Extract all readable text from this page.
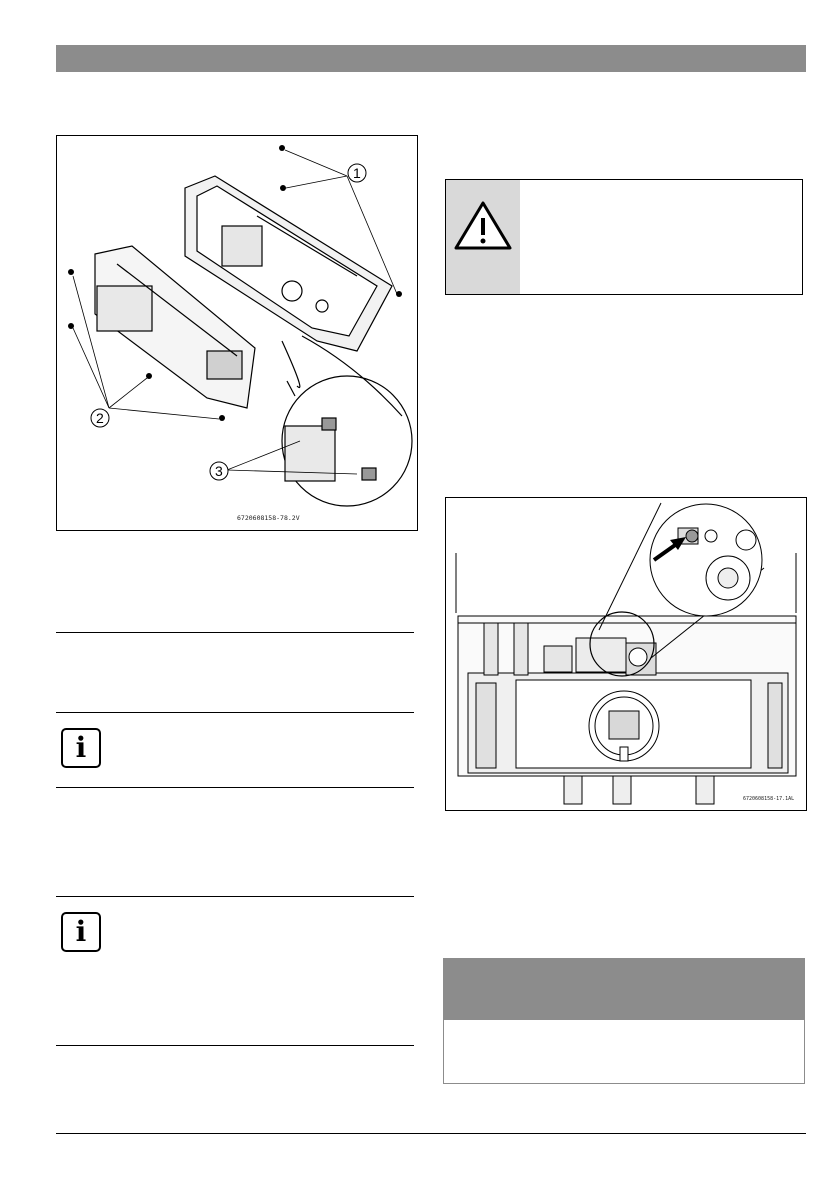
1
2
3
6720608158-78.2V
i
i
6720608158-17.1AL
